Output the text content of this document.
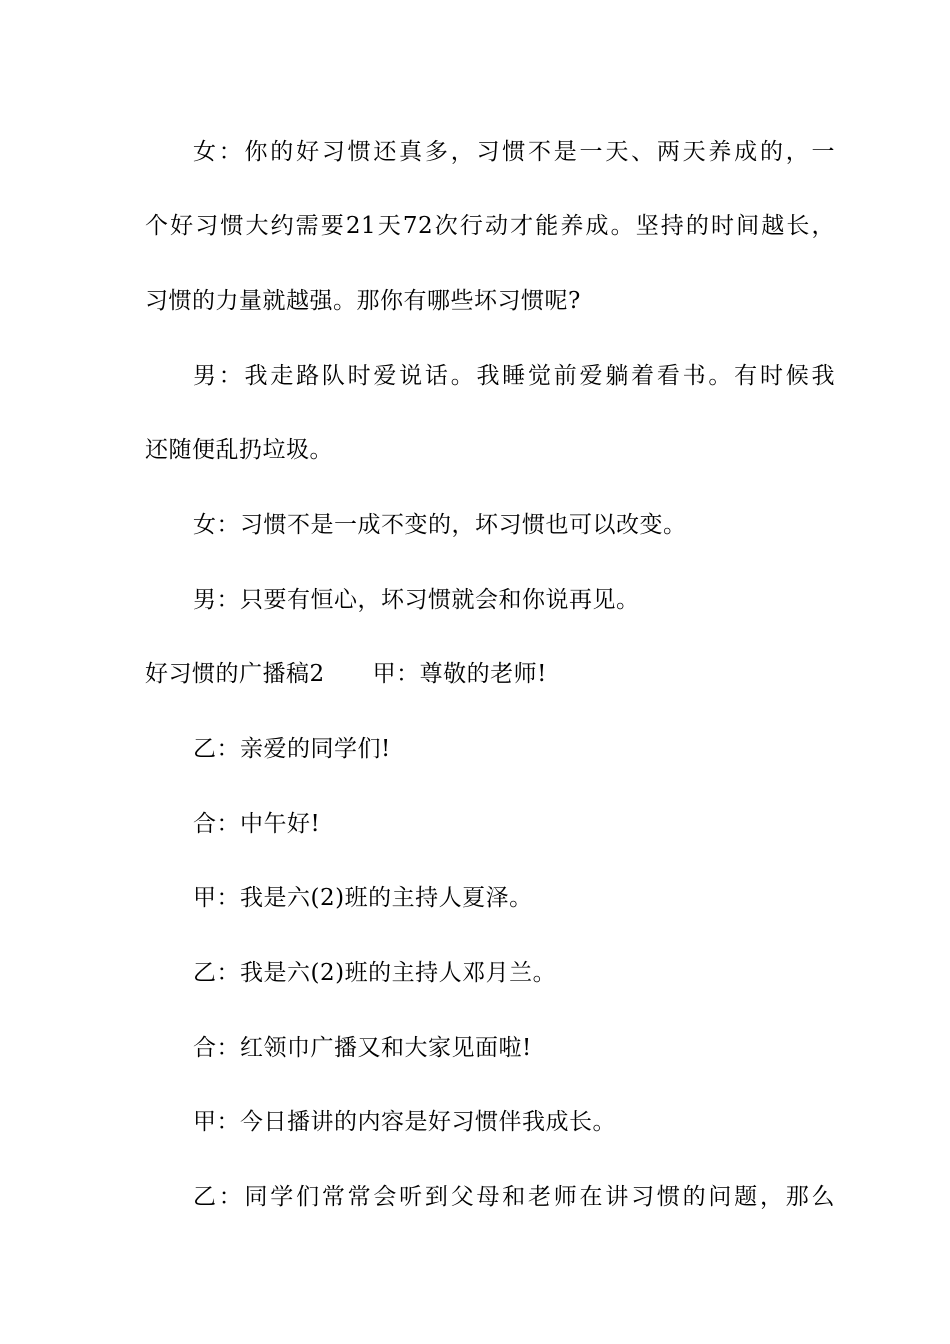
女：你的好习惯还真多，习惯不是一天、两天养成的，一
个好习惯大约需要21天72次行动才能养成。坚持的时间越长，
习惯的力量就越强。那你有哪些坏习惯呢?
男：我走路队时爱说话。我睡觉前爱躺着看书。有时候我
还随便乱扔垃圾。
女：习惯不是一成不变的，坏习惯也可以改变。
男：只要有恒心，坏习惯就会和你说再见。
好习惯的广播稿2 甲：尊敬的老师!
乙：亲爱的同学们!
合：中午好!
甲：我是六(2)班的主持人夏泽。
乙：我是六(2)班的主持人邓月兰。
合：红领巾广播又和大家见面啦!
甲：今日播讲的内容是好习惯伴我成长。
乙：同学们常常会听到父母和老师在讲习惯的问题，那么
